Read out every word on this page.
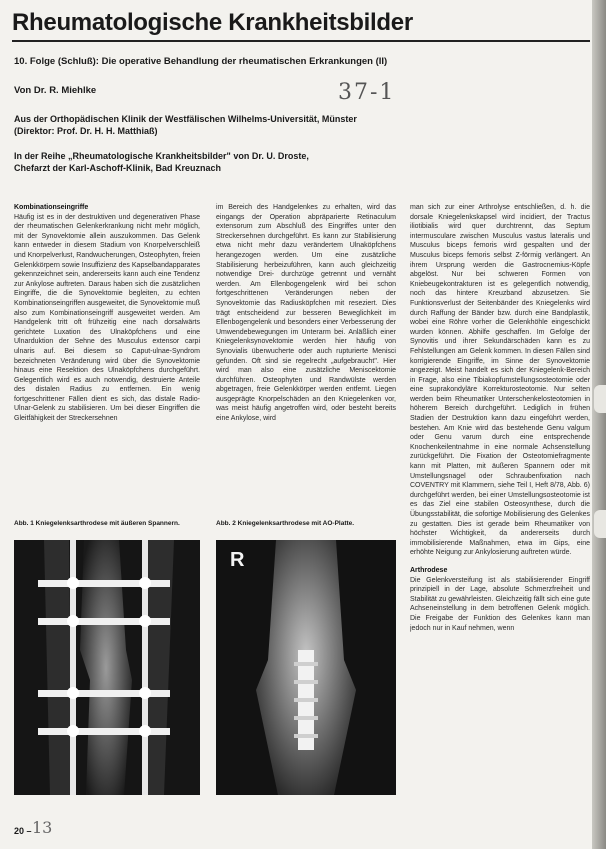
Rheumatologische Krankheitsbilder
10. Folge (Schluß): Die operative Behandlung der rheumatischen Erkrankungen (II)
Von Dr. R. Miehlke	37-1
Aus der Orthopädischen Klinik der Westfälischen Wilhelms-Universität, Münster
(Direktor: Prof. Dr. H. H. Matthiaß)
In der Reihe „Rheumatologische Krankheitsbilder" von Dr. U. Droste,
Chefarzt der Karl-Aschoff-Klinik, Bad Kreuznach

Kombinationseingriffe

Häufig ist es in der destruktiven und degenerativen Phase der rheumatischen Gelenkerkrankung nicht mehr möglich, mit der Synovektomie allein auszukommen. Das Gelenk kann entweder in diesem Stadium von Knorpelverschleiß und Knorpelverlust, Randwucherungen, Osteophyten, freien Gelenkkörpern sowie Insuffizienz des Kapselbandapparates gekennzeichnet sein, andererseits kann auch eine Tendenz zur Ankylose auftreten. Daraus haben sich die zusätzlichen Eingriffe, die die Synovektomie begleiten, zu echten Kombinationseingriffen ausgeweitet, die Synovektomie muß also zum Kombinationseingriff ausgeweitet werden. Am Handgelenk tritt oft frühzeitig eine nach dorsalwärts gerichtete Luxation des Ulnaköpfchens und eine Ulnarduktion der Sehne des Musculus extensor carpi ulnaris auf. Bei diesem so Caput-ulnae-Syndrom bezeichneten Veränderung wird über die Synovektomie hinaus eine Resektion des Ulnaköpfchens durchgeführt. Gelegentlich wird es auch notwendig, destruierte Anteile des distalen Radius zu entfernen. Ein wenig fortgeschrittener Fällen dient es sich, das distale Radio-Ulnar-Gelenk zu stabilisieren. Um bei dieser Eingriffen die Gleitfähigkeit der Streckersehnen

im Bereich des Handgelenkes zu erhalten, wird das eingangs der Operation abpräparierte Retinaculum extensorum zum Abschluß des Eingriffes unter den Streckersehnen durchgeführt. Es kann zur Stabilisierung etwa nicht mehr dazu verändertem Ulnaköpfchens herangezogen werden. Um eine zusätzliche Stabilisierung herbeizuführen, kann auch gleichzeitig notwendige Drei- durchzüge getrennt und vernäht werden. Am Ellenbogengelenk wird bei schon fortgeschrittenen Veränderungen neben der Synovektomie das Radiusköpfchen mit reseziert. Dies trägt entscheidend zur besseren Beweglichkeit im Ellenbogengelenk und besonders einer Verbesserung der Umwendebewegungen im Unterarm bei. Anläßlich einer Kniegelenksynovektomie werden hier häufig von Synovialis überwucherte oder auch rupturierte Menisci gefunden. Oft sind sie regelrecht „aufgebraucht". Hier wird man also eine zusätzliche Meniscektomie durchführen. Osteophyten und Randwülste werden abgetragen, freie Gelenkkörper werden entfernt. Liegen ausgeprägte Knorpelschäden an den Kniegelenken vor, was meist häufig angetroffen wird, oder besteht bereits eine Ankylose, wird

man sich zur einer Arthrolyse entschließen, d. h. die dorsale Kniegelenkskapsel wird incidiert, der Tractus iliotibialis wird quer durchtrennt, das Septum intermusculare zwischen Musculus vastus lateralis und Musculus biceps femoris wird gespalten und der Musculus biceps femoris selbst Z-förmig verlängert. An ihrem Ursprung werden die Gastrocnemius-Köpfe abgelöst. Nur bei schweren Formen von Kniebeugekontrakturen ist es gelegentlich notwendig, noch das hintere Kreuzband abzusetzen. Sie Funktionsverlust der Seitenbänder des Kniegelenks wird durch Raffung der Bänder bzw. durch eine Bandplastik, wobei eine Röhre vorher die Gelenkhöhle eingeschickt wurden können. Abhilfe geschaffen. Im Gefolge der Synovitis und ihrer Sekundärschäden kann es zu Fehlstellungen am Gelenk kommen. In diesen Fällen sind korrigierende Eingriffe, im Sinne der Synovektomie angezeigt. Meist handelt es sich der Kniegelenk-Bereich in Frage, also eine Tibiakopfumstellungsosteotomie oder eine suprakondyläre Korrekturosteotomie. Nur selten werden beim Rheumatiker Unterschenkelosteotomien in höherem Bereich durchgeführt. Lediglich in frühen Stadien der Destruktion kann dazu eingeführt werden, bestehen. Am Knie wird das bestehende Genu valgum oder Genu varum durch eine entsprechende Knochenkeilentnahme in eine normale Achsenstellung zurückgeführt. Die Fixation der Osteotomiefragmente kann mit Platten, mit äußeren Spannern oder mit Umstellungsnagel oder Schraubenfixation nach COVENTRY mit Klammern, siehe Teil I, Heft 8/78, Abb. 6) durchgeführt werden, bei einer Umstellungsosteotomie ist es das Ziel eine stabilen Osteosynthese, durch die Übungsstabilität, die sofortige Mobilisierung des Gelenkes zu gestatten. Dies ist gerade beim Rheumatiker von höchster Wichtigkeit, da andererseits durch immobilisierende Maßnahmen, etwa im Gips, eine erhöhte Neigung zur Ankylosierung auftreten würde.

Arthrodese

Die Gelenkversteifung ist als stabilisierender Eingriff prinzipiell in der Lage, absolute Schmerzfreiheit und Stabilität zu gewährleisten. Gleichzeitig fällt sich eine gute Achseneinstellung in dem betroffenen Gelenk möglich. Die Freigabe der Funktion des Gelenkes kann man jedoch nur in Kauf nehmen, wenn

Abb. 1 Kniegelenksarthrodese mit äußeren Spannern.	Abb. 2 Kniegelenksarthrodese mit AO-Platte.
R
20 – 13
